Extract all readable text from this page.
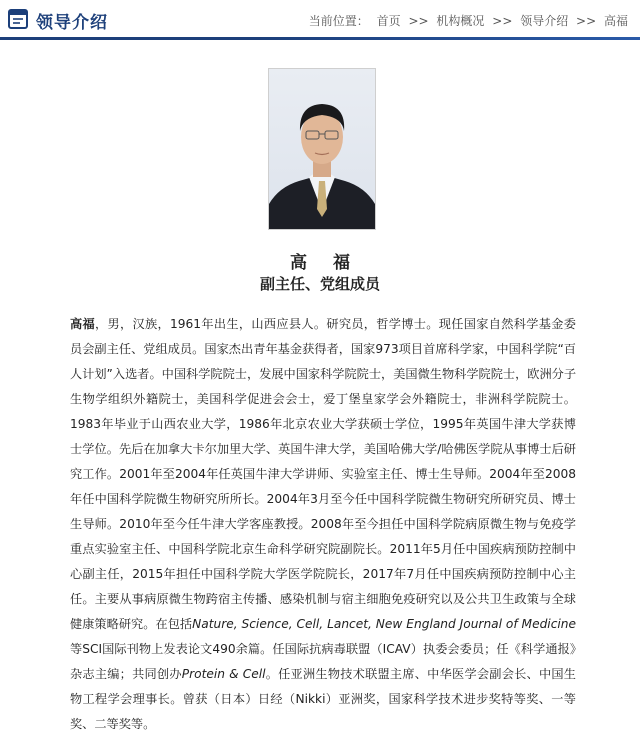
领导介绍	当前位置： 首页 >> 机构概况 >> 领导介绍 >> 高福
高 福
副主任、党组成员
高福，男，汉族，1961年出生，山西应县人。研究员，哲学博士。现任国家自然科学基金委员会副主任、党组成员。国家杰出青年基金获得者，国家973项目首席科学家，中国科学院“百人计划”入选者。中国科学院院士，发展中国家科学院院士，美国微生物科学院院士，欧洲分子生物学组织外籍院士，美国科学促进会会士，爱丁堡皇家学会外籍院士，非洲科学院院士。1983年毕业于山西农业大学，1986年北京农业大学获硕士学位，1995年英国牛津大学获博士学位。先后在加拿大卡尔加里大学、英国牛津大学，美国哈佛大学/哈佛医学院从事博士后研究工作。2001年至2004年任英国牛津大学讲师、实验室主任、博士生导师。2004年至2008年任中国科学院微生物研究所所长。2004年3月至今任中国科学院微生物研究所研究员、博士生导师。2010年至今任牛津大学客座教授。2008年至今担任中国科学院病原微生物与免疫学重点实验室主任、中国科学院北京生命科学研究院副院长。2011年5月任中国疾病预防控制中心副主任，2015年担任中国科学院大学医学院院长，2017年7月任中国疾病预防控制中心主任。主要从事病原微生物跨宿主传播、感染机制与宿主细胞免疫研究以及公共卫生政策与全球健康策略研究。在包括Nature, Science, Cell, Lancet, New England Journal of Medicine等SCI国际刊物上发表论文490余篇。任国际抗病毒联盟（ICAV）执委会委员；任《科学通报》杂志主编；共同创办Protein & Cell。任亚洲生物技术联盟主席、中华医学会副会长、中国生物工程学会理事长。曾获（日本）日经（Nikki）亚洲奖，国家科学技术进步奖特等奖、一等奖、二等奖等。
